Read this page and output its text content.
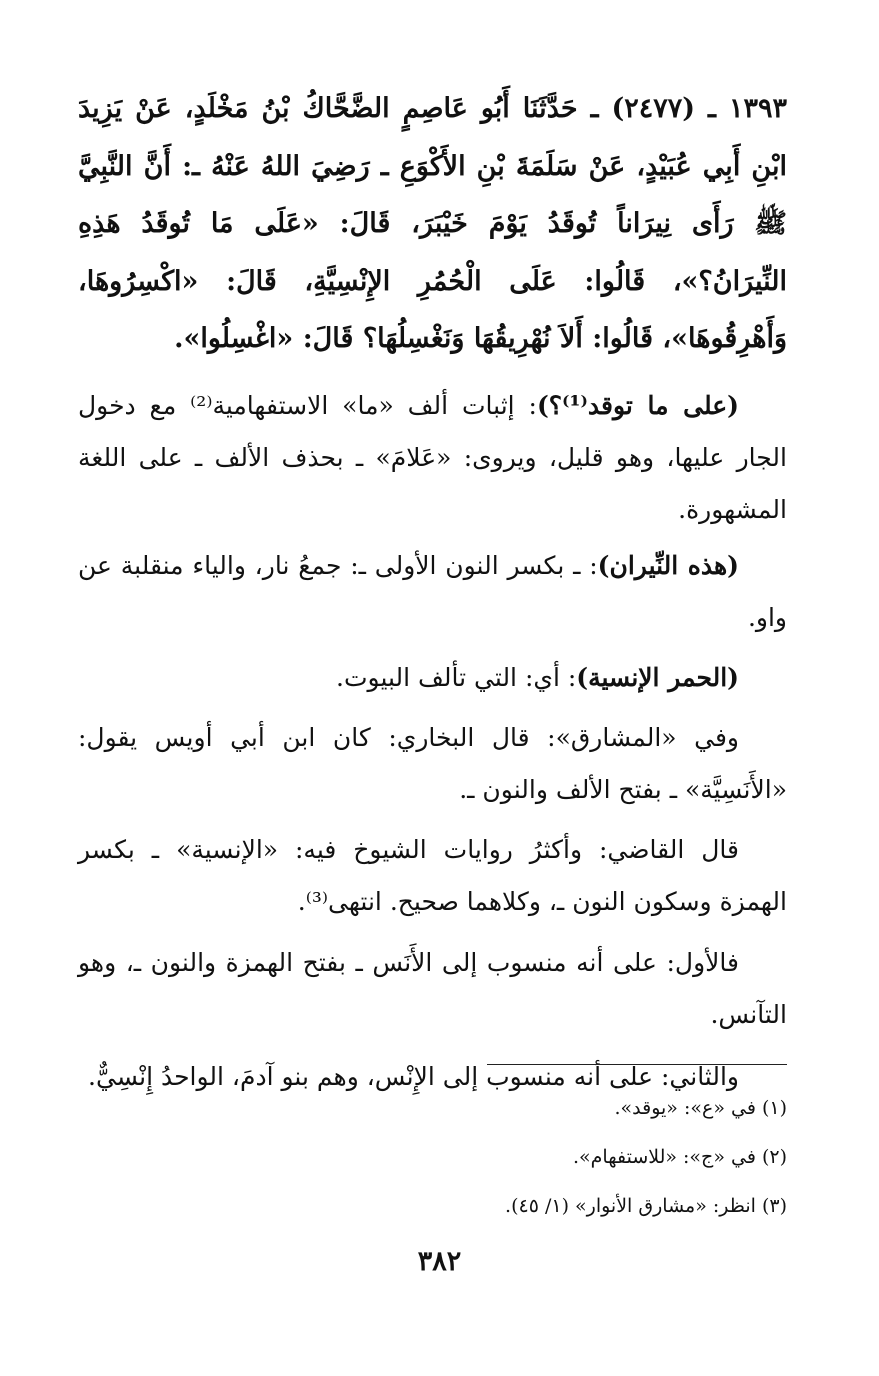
١٣٩٣ ـ (٢٤٧٧) ـ حَدَّثَنَا أَبُو عَاصِمٍ الضَّحَّاكُ بْنُ مَخْلَدٍ، عَنْ يَزِيدَ ابْنِ أَبِي عُبَيْدٍ، عَنْ سَلَمَةَ بْنِ الأَكْوَعِ ـ رَضِيَ اللهُ عَنْهُ ـ: أَنَّ النَّبِيَّ ﷺ رَأَى نِيرَاناً تُوقَدُ يَوْمَ خَيْبَرَ، قَالَ: «عَلَى مَا تُوقَدُ هَذِهِ النِّيرَانُ؟»، قَالُوا: عَلَى الْحُمُرِ الإِنْسِيَّةِ، قَالَ: «اكْسِرُوهَا، وَأَهْرِقُوهَا»، قَالُوا: أَلاَ نُهْرِيقُهَا وَنَغْسِلُهَا؟ قَالَ: «اغْسِلُوا».

(على ما توقد⁽¹⁾؟): إثبات ألف «ما» الاستفهامية⁽²⁾ مع دخول الجار عليها، وهو قليل، ويروى: «عَلامَ» ـ بحذف الألف ـ على اللغة المشهورة.

(هذه النِّيران): ـ بكسر النون الأولى ـ: جمعُ نار، والياء منقلبة عن واو.

(الحمر الإنسية): أي: التي تألف البيوت.

وفي «المشارق»: قال البخاري: كان ابن أبي أويس يقول: «الأَنَسِيَّة» ـ بفتح الألف والنون ـ.

قال القاضي: وأكثرُ روايات الشيوخ فيه: «الإنسية» ـ بكسر الهمزة وسكون النون ـ، وكلاهما صحيح. انتهى⁽³⁾.

فالأول: على أنه منسوب إلى الأَنَس ـ بفتح الهمزة والنون ـ، وهو التآنس.

والثاني: على أنه منسوب إلى الإِنْس، وهم بنو آدمَ، الواحدُ إِنْسِيٌّ.

(١) في «ع»: «يوقد».

(٢) في «ج»: «للاستفهام».

(٣) انظر: «مشارق الأنوار» (١/ ٤٥).

٣٨٢
